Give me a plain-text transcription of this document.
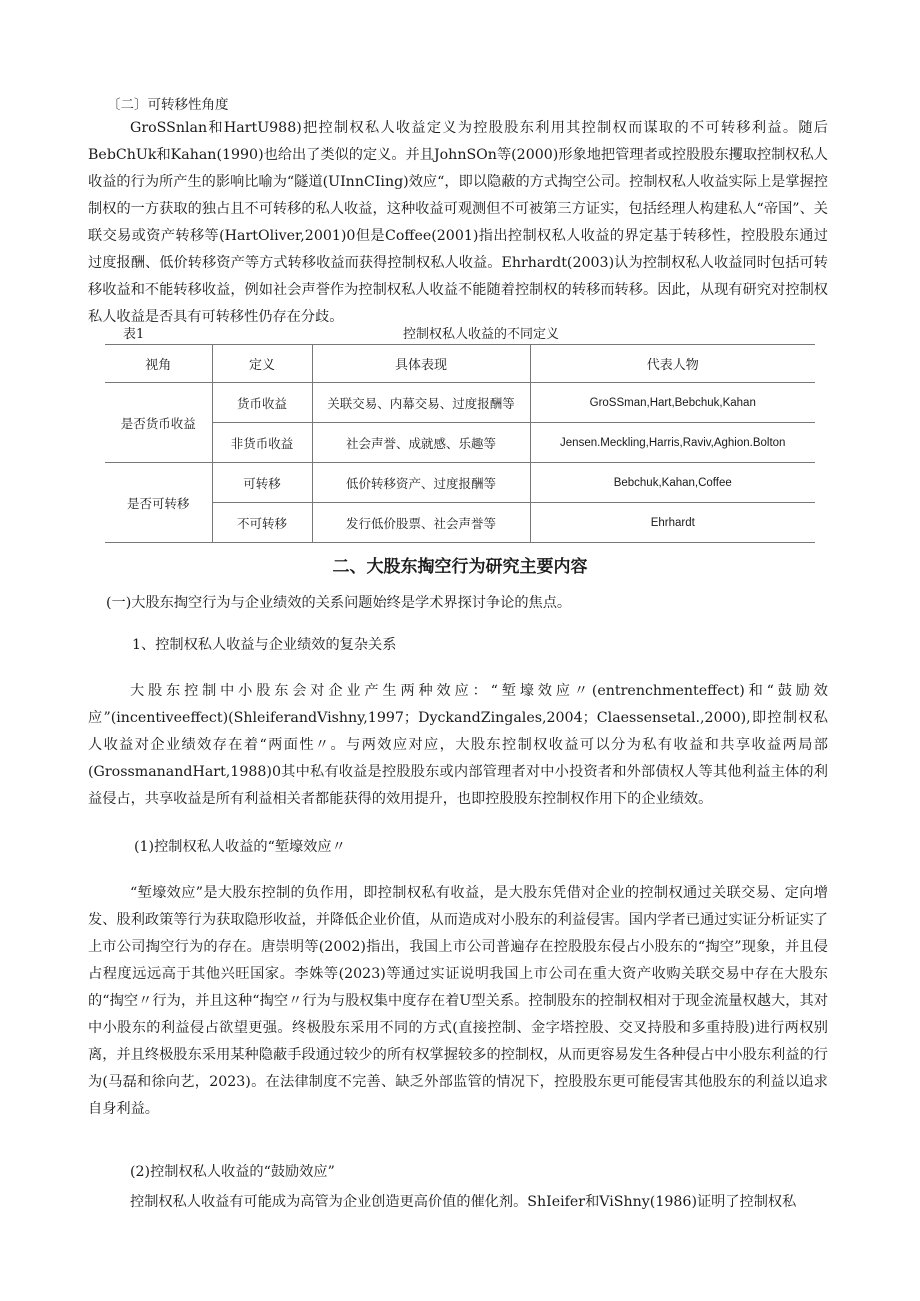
〔二〕可转移性角度

GroSSnlan和HartU988)把控制权私人收益定义为控股股东利用其控制权而谋取的不可转移利益。随后BebChUk和Kahan(1990)也给出了类似的定义。并且JohnSOn等(2000)形象地把管理者或控股股东攫取控制权私人收益的行为所产生的影响比喻为“隧道(UInnCIing)效应“，即以隐蔽的方式掏空公司。控制权私人收益实际上是掌握控制权的一方获取的独占且不可转移的私人收益，这种收益可观测但不可被第三方证实，包括经理人构建私人“帝国”、关联交易或资产转移等(HartOliver,2001)0但是Coffee(2001)指出控制权私人收益的界定基于转移性，控股股东通过过度报酬、低价转移资产等方式转移收益而获得控制权私人收益。Ehrhardt(2003)认为控制权私人收益同时包括可转移收益和不能转移收益，例如社会声誉作为控制权私人收益不能随着控制权的转移而转移。因此，从现有研究对控制权私人收益是否具有可转移性仍存在分歧。

表1	控制权私人收益的不同定义
视角	定义	具体表现	代表人物
是否货币收益	货币收益	关联交易、内幕交易、过度报酬等	GroSSman,Hart,Bebchuk,Kahan
	非货币收益	社会声誉、成就感、乐趣等	Jensen.Meckling,Harris,Raviv,Aghion.Bolton
是否可转移	可转移	低价转移资产、过度报酬等	Bebchuk,Kahan,Coffee
	不可转移	发行低价股票、社会声誉等	Ehrhardt
二、大股东掏空行为研究主要内容

(一)大股东掏空行为与企业绩效的关系问题始终是学术界探讨争论的焦点。

1、控制权私人收益与企业绩效的复杂关系

大股东控制中小股东会对企业产生两种效应：“堑壕效应〃(entrenchmenteffect)和“鼓励效应”(incentiveeffect)(ShleiferandVishny,1997；DyckandZingales,2004；Claessensetal.,2000),即控制权私人收益对企业绩效存在着“两面性〃。与两效应对应，大股东控制权收益可以分为私有收益和共享收益两局部(GrossmanandHart,1988)0其中私有收益是控股股东或内部管理者对中小投资者和外部债权人等其他利益主体的利益侵占，共享收益是所有利益相关者都能获得的效用提升，也即控股股东控制权作用下的企业绩效。

(1)控制权私人收益的“堑壕效应〃

“堑壕效应”是大股东控制的负作用，即控制权私有收益，是大股东凭借对企业的控制权通过关联交易、定向增发、股利政策等行为获取隐形收益，并降低企业价值，从而造成对小股东的利益侵害。国内学者已通过实证分析证实了上市公司掏空行为的存在。唐崇明等(2002)指出，我国上市公司普遍存在控股股东侵占小股东的“掏空”现象，并且侵占程度远远高于其他兴旺国家。李姝等(2023)等通过实证说明我国上市公司在重大资产收购关联交易中存在大股东的“掏空〃行为，并且这种“掏空〃行为与股权集中度存在着U型关系。控制股东的控制权相对于现金流量权越大，其对中小股东的利益侵占欲望更强。终极股东采用不同的方式(直接控制、金字塔控股、交叉持股和多重持股)进行两权别离，并且终极股东采用某种隐蔽手段通过较少的所有权掌握较多的控制权，从而更容易发生各种侵占中小股东利益的行为(马磊和徐向艺，2023)。在法律制度不完善、缺乏外部监管的情况下，控股股东更可能侵害其他股东的利益以追求自身利益。

(2)控制权私人收益的“鼓励效应”

控制权私人收益有可能成为高管为企业创造更高价值的催化剂。ShIeifer和ViShny(1986)证明了控制权私
